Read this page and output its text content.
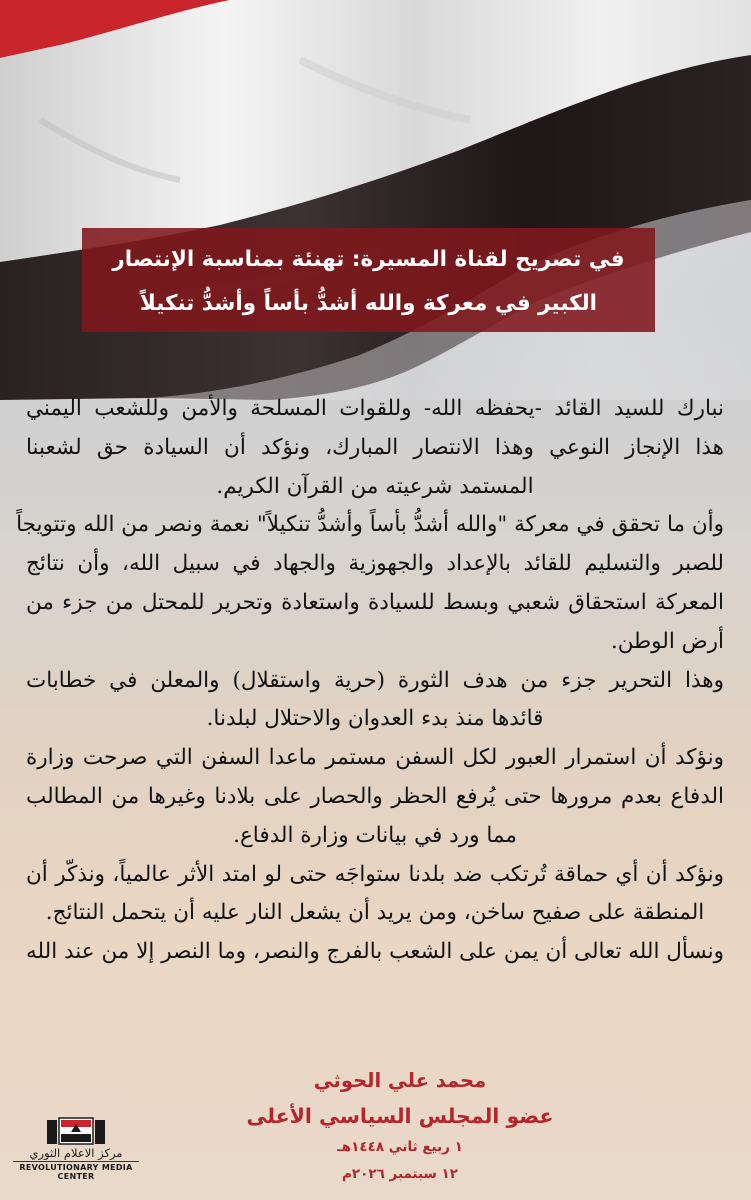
في تصريح لقناة المسيرة: تهنئة بمناسبة الإنتصار
الكبير في معركة والله أشدُّ بأساً وأشدُّ تنكيلاً
نبارك للسيد القائد -يحفظه الله- وللقوات المسلحة والأمن وللشعب اليمني
هذا الإنجاز النوعي وهذا الانتصار المبارك، ونؤكد أن السيادة حق لشعبنا
المستمد شرعيته من القرآن الكريم.
وأن ما تحقق في معركة "والله أشدُّ بأساً وأشدُّ تنكيلاً" نعمة ونصر من الله وتتويجاً
للصبر والتسليم للقائد بالإعداد والجهوزية والجهاد في سبيل الله، وأن نتائج
المعركة استحقاق شعبي وبسط للسيادة واستعادة وتحرير للمحتل من جزء من
أرض الوطن.
وهذا التحرير جزء من هدف الثورة (حرية واستقلال) والمعلن في خطابات
قائدها منذ بدء العدوان والاحتلال لبلدنا.
ونؤكد أن استمرار العبور لكل السفن مستمر ماعدا السفن التي صرحت وزارة
الدفاع بعدم مرورها حتى يُرفع الحظر والحصار على بلادنا وغيرها من المطالب
مما ورد في بيانات وزارة الدفاع.
ونؤكد أن أي حماقة تُرتكب ضد بلدنا ستواجَه حتى لو امتد الأثر عالمياً، ونذكّر أن
المنطقة على صفيح ساخن، ومن يريد أن يشعل النار عليه أن يتحمل النتائج.
ونسأل الله تعالى أن يمن على الشعب بالفرج والنصر، وما النصر إلا من عند الله
محمد علي الحوثي
عضو المجلس السياسي الأعلى
١ ربيع ثاني ١٤٤٨هـ
١٢ سبتمبر ٢٠٢٦م
مركز الاعلام الثوري
REVOLUTIONARY MEDIA
CENTER
